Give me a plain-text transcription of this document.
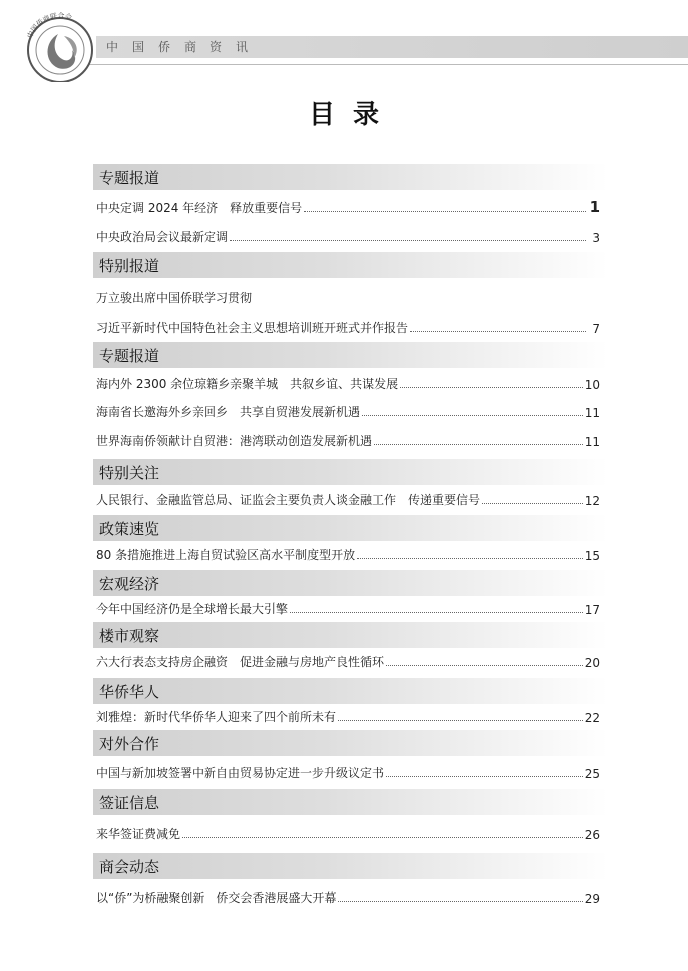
中国侨商资讯
中国侨商联合会
目录
专题报道
中央定调 2024 年经济　释放重要信号	1
中央政治局会议最新定调	3
特别报道
万立骏出席中国侨联学习贯彻
习近平新时代中国特色社会主义思想培训班开班式并作报告	7
专题报道
海内外 2300 余位琼籍乡亲聚羊城　共叙乡谊、共谋发展	10
海南省长邀海外乡亲回乡　共享自贸港发展新机遇	11
世界海南侨领献计自贸港：港湾联动创造发展新机遇	11
特别关注
人民银行、金融监管总局、证监会主要负责人谈金融工作　传递重要信号	12
政策速览
80 条措施推进上海自贸试验区高水平制度型开放	15
宏观经济
今年中国经济仍是全球增长最大引擎	17
楼市观察
六大行表态支持房企融资　促进金融与房地产良性循环	20
华侨华人
刘雅煌：新时代华侨华人迎来了四个前所未有	22
对外合作
中国与新加坡签署中新自由贸易协定进一步升级议定书	25
签证信息
来华签证费减免	26
商会动态
以“侨”为桥融聚创新　侨交会香港展盛大开幕	29
